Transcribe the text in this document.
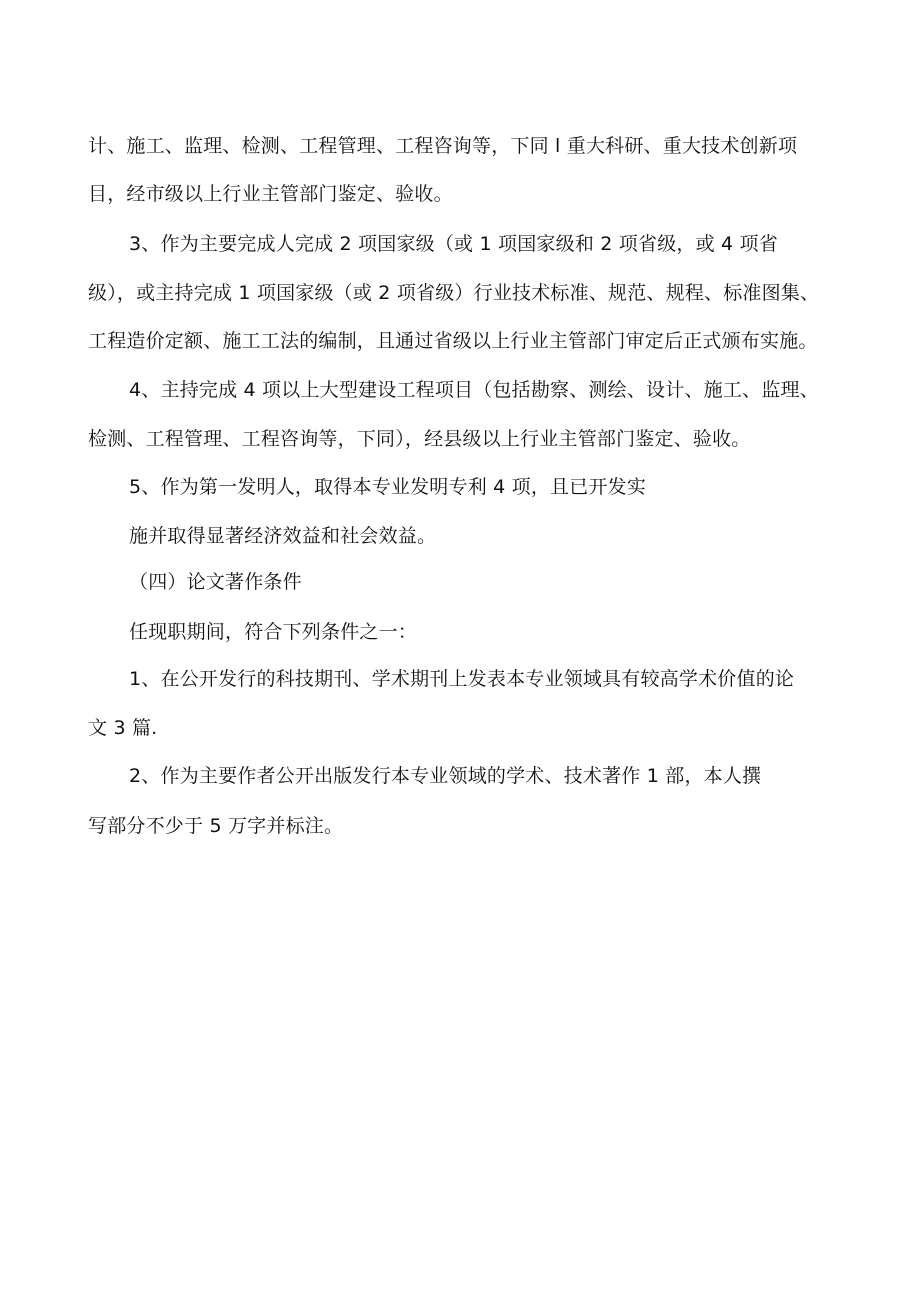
计、施工、监理、检测、工程管理、工程咨询等，下同 l 重大科研、重大技术创新项
目，经市级以上行业主管部门鉴定、验收。
3、作为主要完成人完成 2 项国家级（或 1 项国家级和 2 项省级，或 4 项省
级），或主持完成 1 项国家级（或 2 项省级）行业技术标准、规范、规程、标准图集、
工程造价定额、施工工法的编制，且通过省级以上行业主管部门审定后正式颁布实施。
4、主持完成 4 项以上大型建设工程项目（包括勘察、测绘、设计、施工、监理、
检测、工程管理、工程咨询等，下同），经县级以上行业主管部门鉴定、验收。
5、作为第一发明人，取得本专业发明专利 4 项，且已开发实
施并取得显著经济效益和社会效益。
（四）论文著作条件
任现职期间，符合下列条件之一：
1、在公开发行的科技期刊、学术期刊上发表本专业领域具有较高学术价值的论
文 3 篇.
2、作为主要作者公开出版发行本专业领域的学术、技术著作 1 部，本人撰
写部分不少于 5 万字并标注。
